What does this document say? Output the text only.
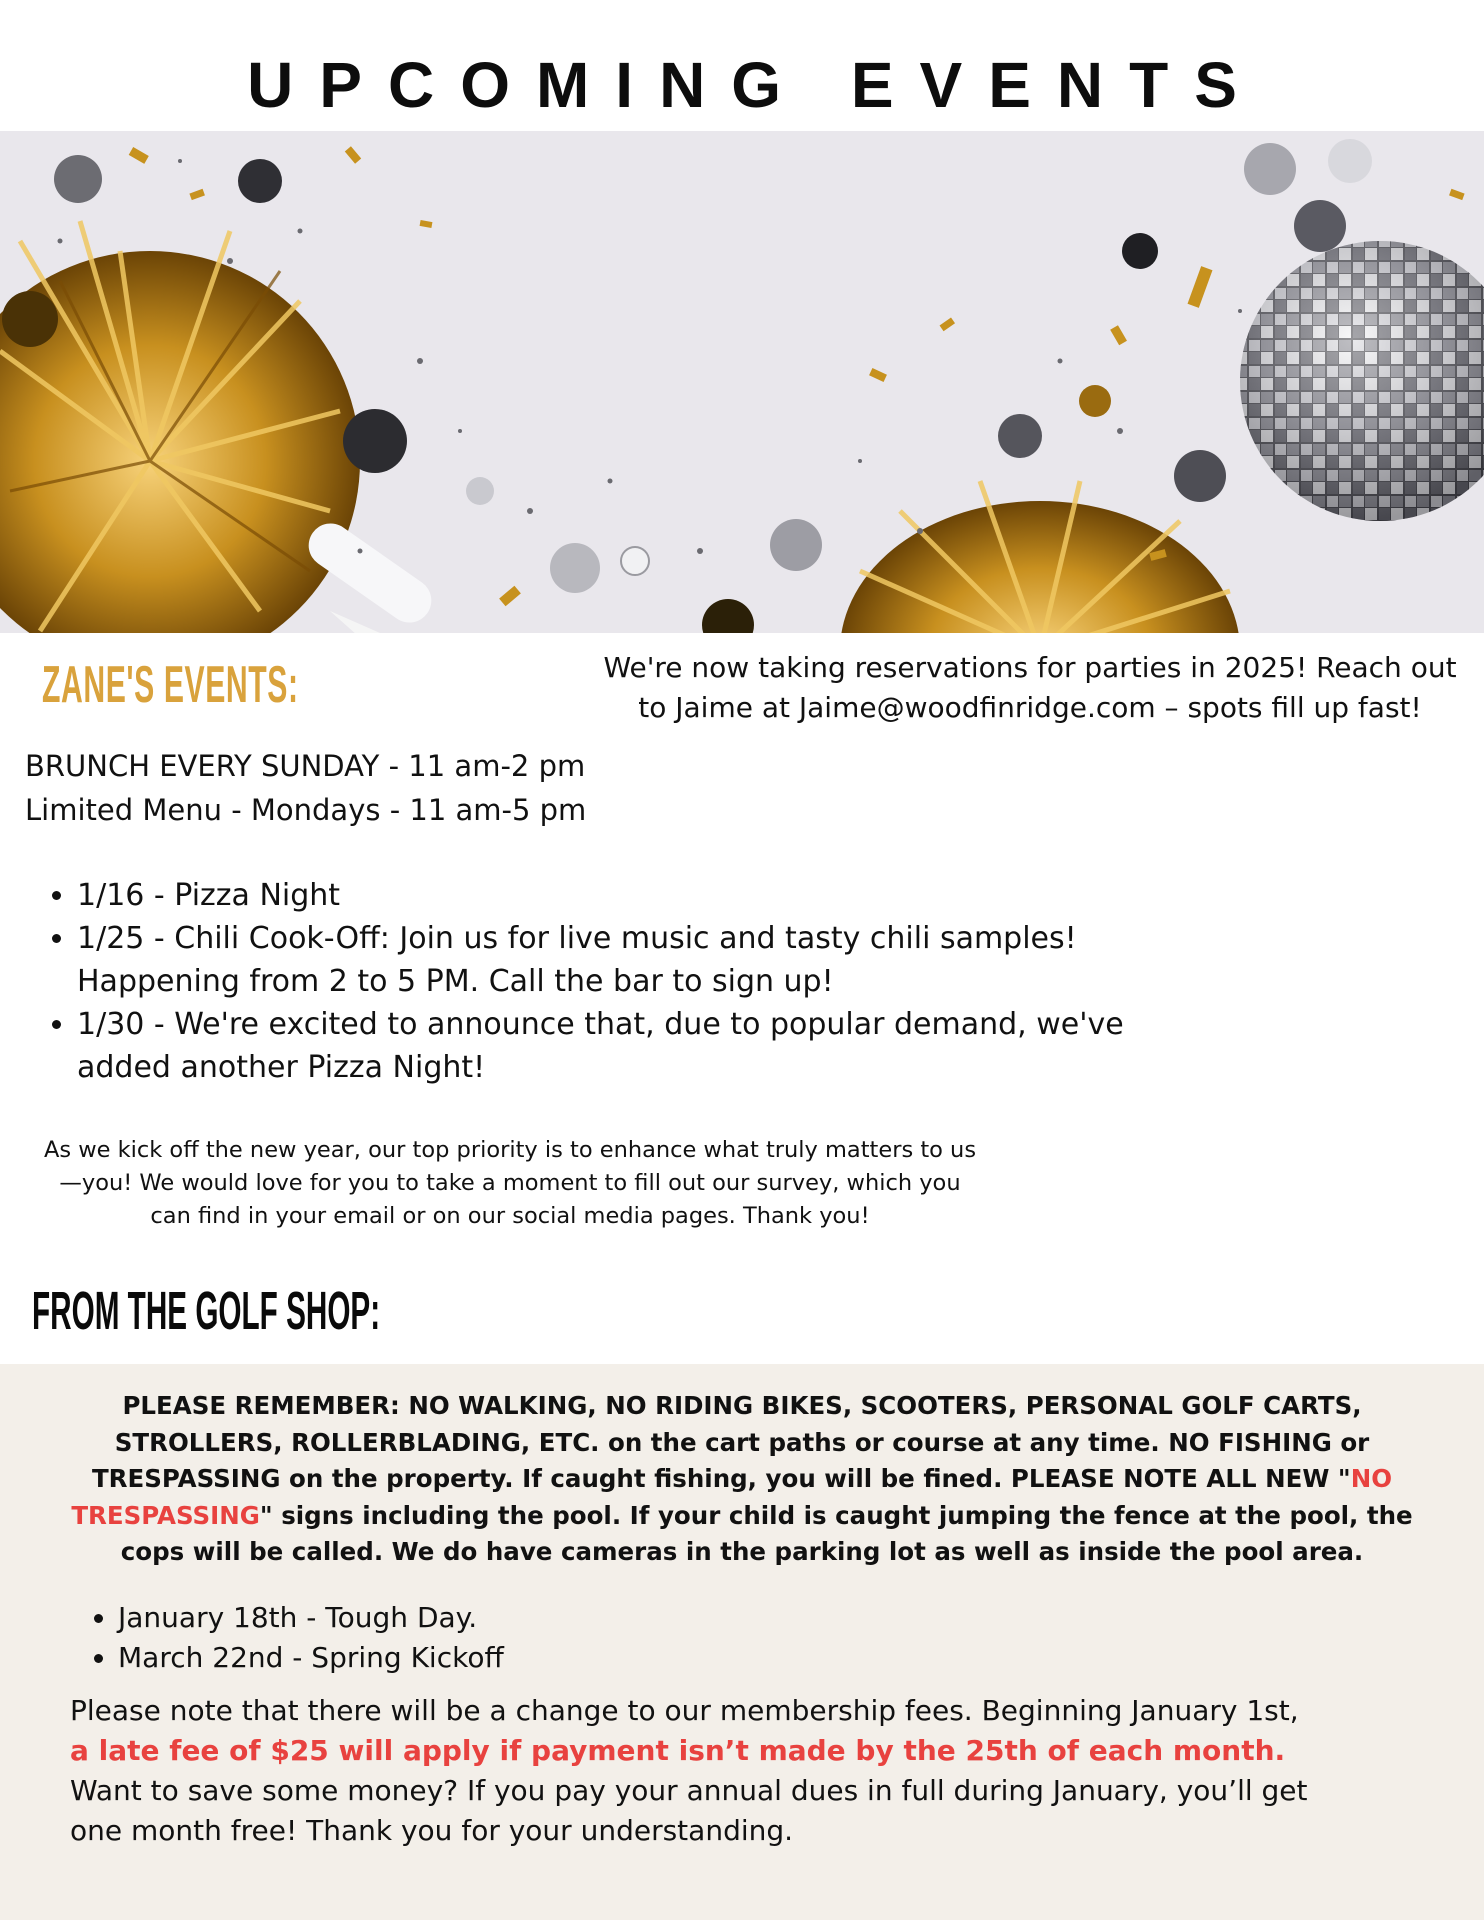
UPCOMING EVENTS
ZANE'S EVENTS:	We're now taking reservations for parties in 2025! Reach out to Jaime at Jaime@woodfinridge.com – spots fill up fast!
BRUNCH EVERY SUNDAY - 11 am-2 pm
Limited Menu - Mondays - 11 am-5 pm
• 1/16 - Pizza Night
• 1/25 - Chili Cook-Off: Join us for live music and tasty chili samples! Happening from 2 to 5 PM. Call the bar to sign up!
• 1/30 - We're excited to announce that, due to popular demand, we've added another Pizza Night!
As we kick off the new year, our top priority is to enhance what truly matters to us—you! We would love for you to take a moment to fill out our survey, which you can find in your email or on our social media pages. Thank you!
FROM THE GOLF SHOP:
PLEASE REMEMBER: NO WALKING, NO RIDING BIKES, SCOOTERS, PERSONAL GOLF CARTS, STROLLERS, ROLLERBLADING, ETC. on the cart paths or course at any time. NO FISHING or TRESPASSING on the property. If caught fishing, you will be fined. PLEASE NOTE ALL NEW "NO TRESPASSING" signs including the pool. If your child is caught jumping the fence at the pool, the cops will be called. We do have cameras in the parking lot as well as inside the pool area.
• January 18th - Tough Day.
• March 22nd - Spring Kickoff
Please note that there will be a change to our membership fees. Beginning January 1st, a late fee of $25 will apply if payment isn’t made by the 25th of each month. Want to save some money? If you pay your annual dues in full during January, you’ll get one month free! Thank you for your understanding.
